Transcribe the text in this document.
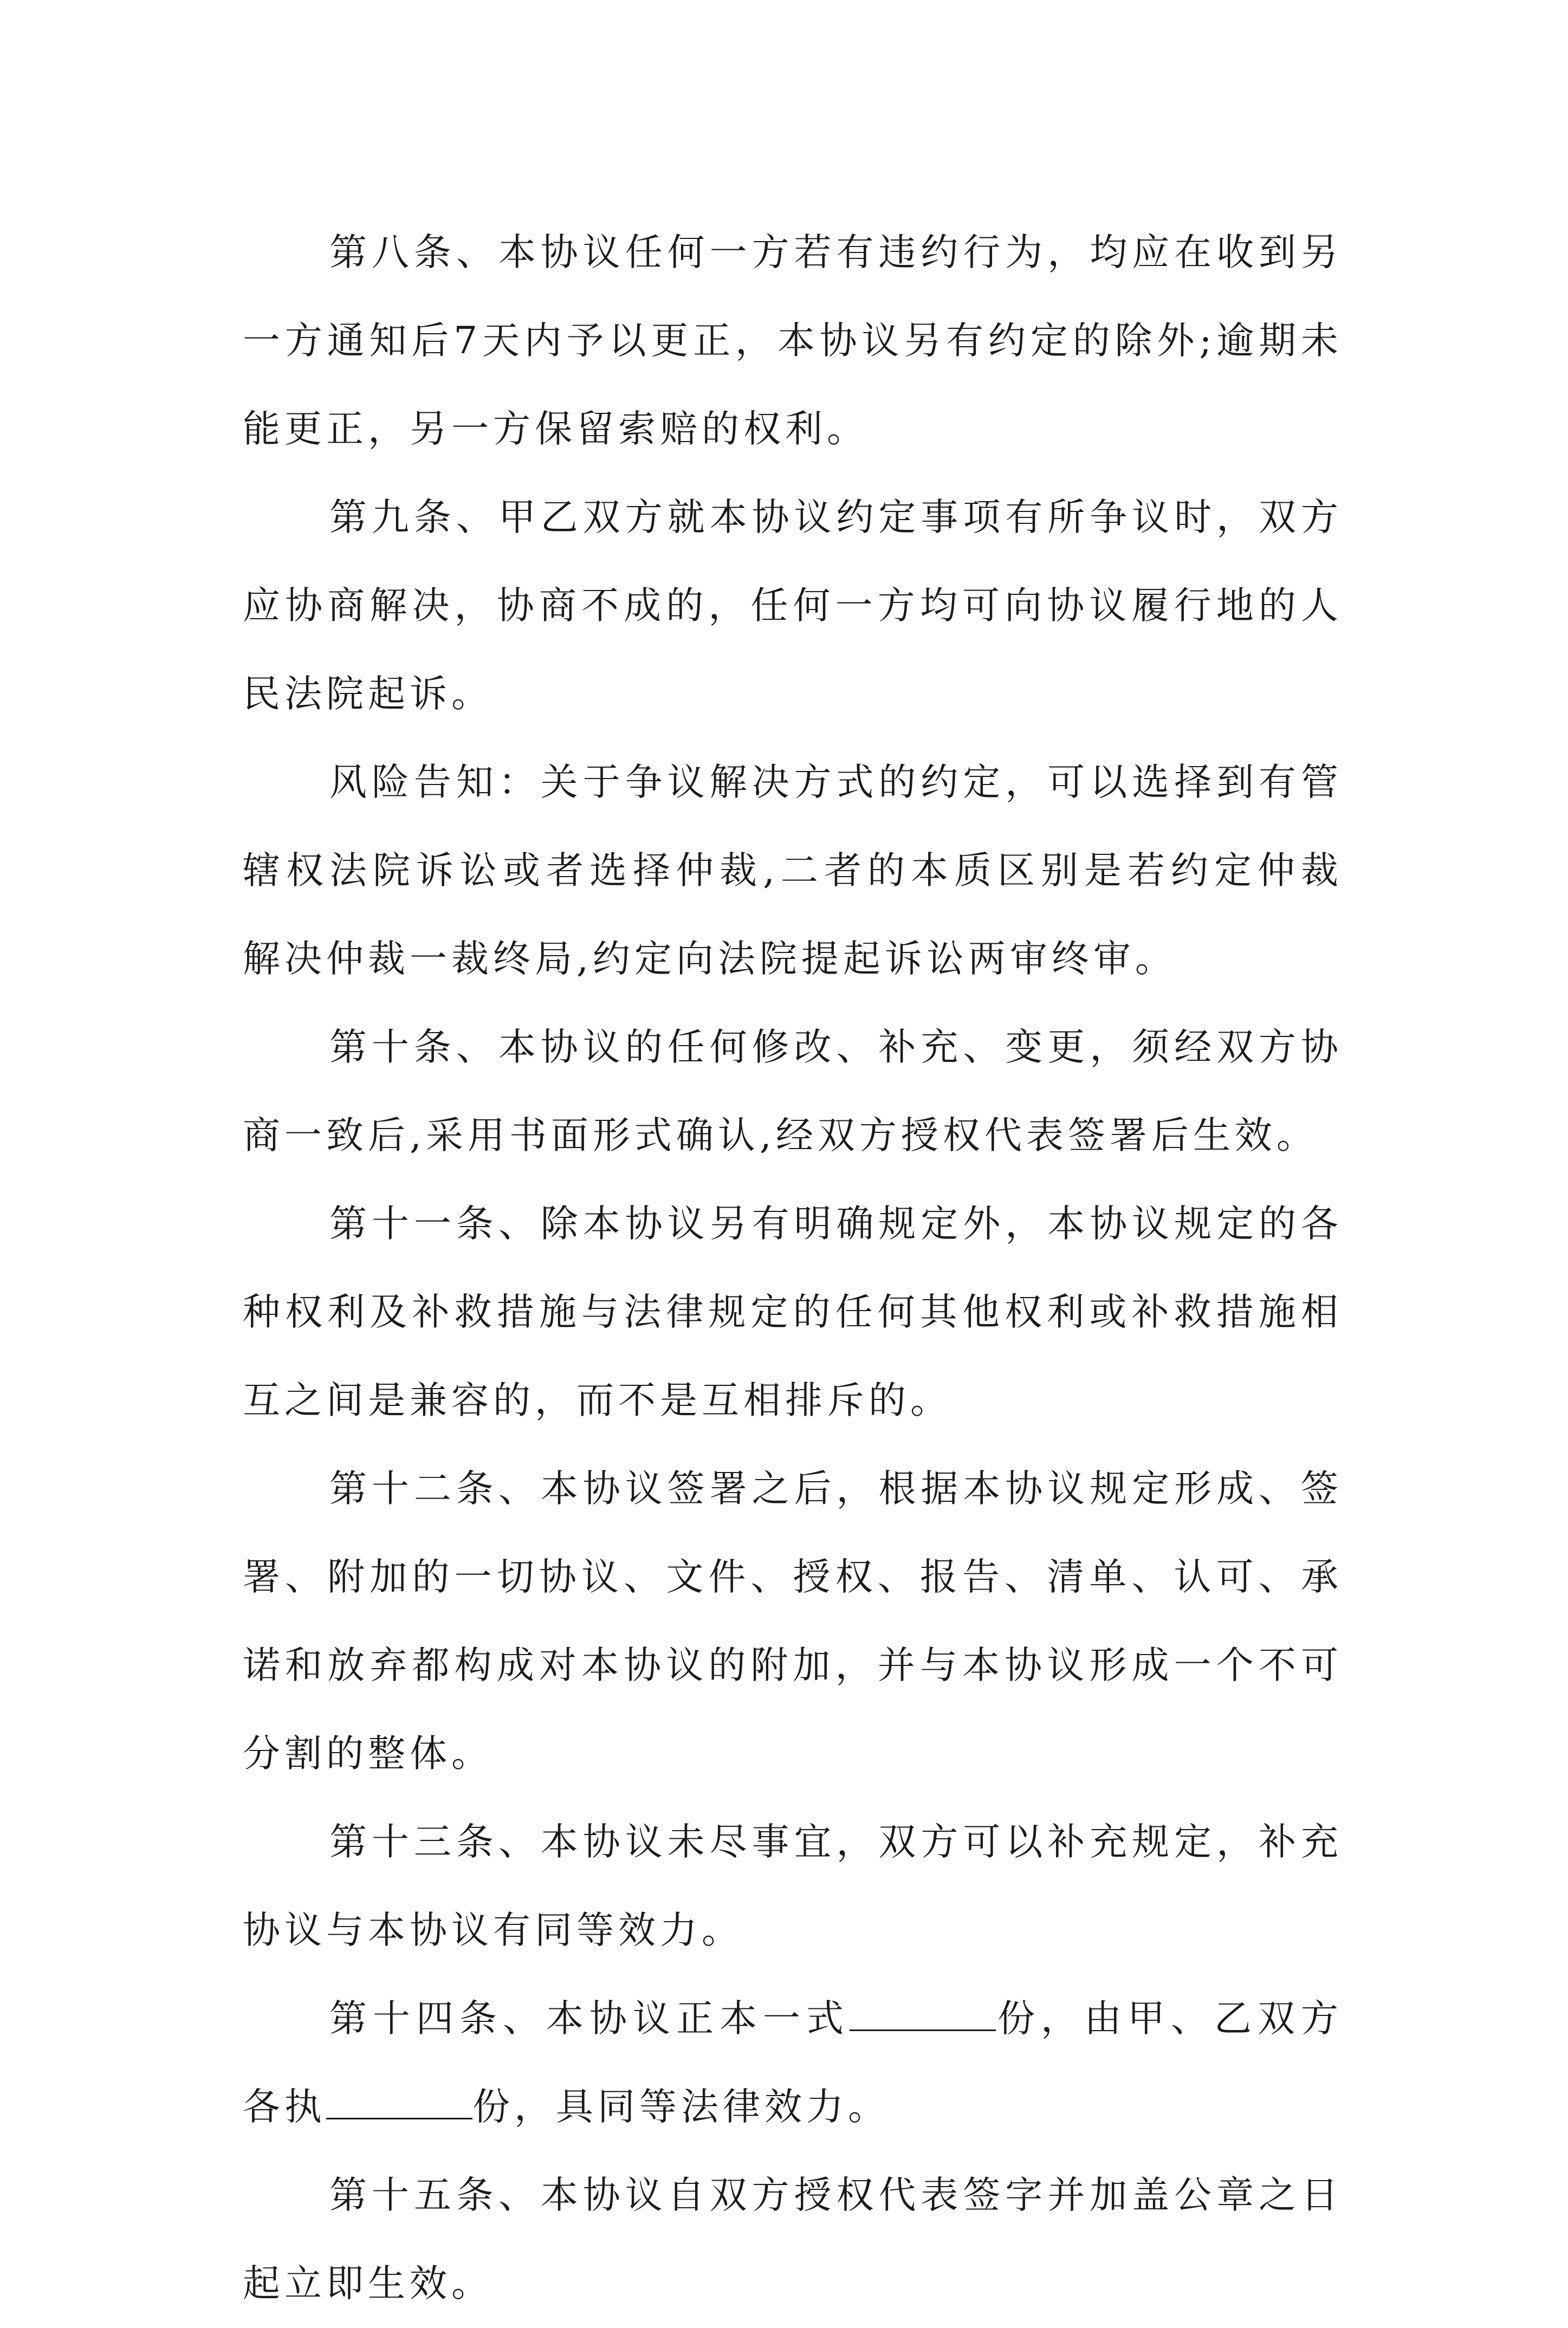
第八条、本协议任何一方若有违约行为，均应在收到另一方通知后7天内予以更正，本协议另有约定的除外;逾期未能更正，另一方保留索赔的权利。

第九条、甲乙双方就本协议约定事项有所争议时，双方应协商解决，协商不成的，任何一方均可向协议履行地的人民法院起诉。

风险告知：关于争议解决方式的约定，可以选择到有管辖权法院诉讼或者选择仲裁,二者的本质区别是若约定仲裁解决仲裁一裁终局,约定向法院提起诉讼两审终审。

第十条、本协议的任何修改、补充、变更，须经双方协商一致后,采用书面形式确认,经双方授权代表签署后生效。

第十一条、除本协议另有明确规定外，本协议规定的各种权利及补救措施与法律规定的任何其他权利或补救措施相互之间是兼容的，而不是互相排斥的。

第十二条、本协议签署之后，根据本协议规定形成、签署、附加的一切协议、文件、授权、报告、清单、认可、承诺和放弃都构成对本协议的附加，并与本协议形成一个不可分割的整体。

第十三条、本协议未尽事宜，双方可以补充规定，补充协议与本协议有同等效力。

第十四条、本协议正本一式	份，由甲、乙双方各执	份，具同等法律效力。

第十五条、本协议自双方授权代表签字并加盖公章之日起立即生效。
